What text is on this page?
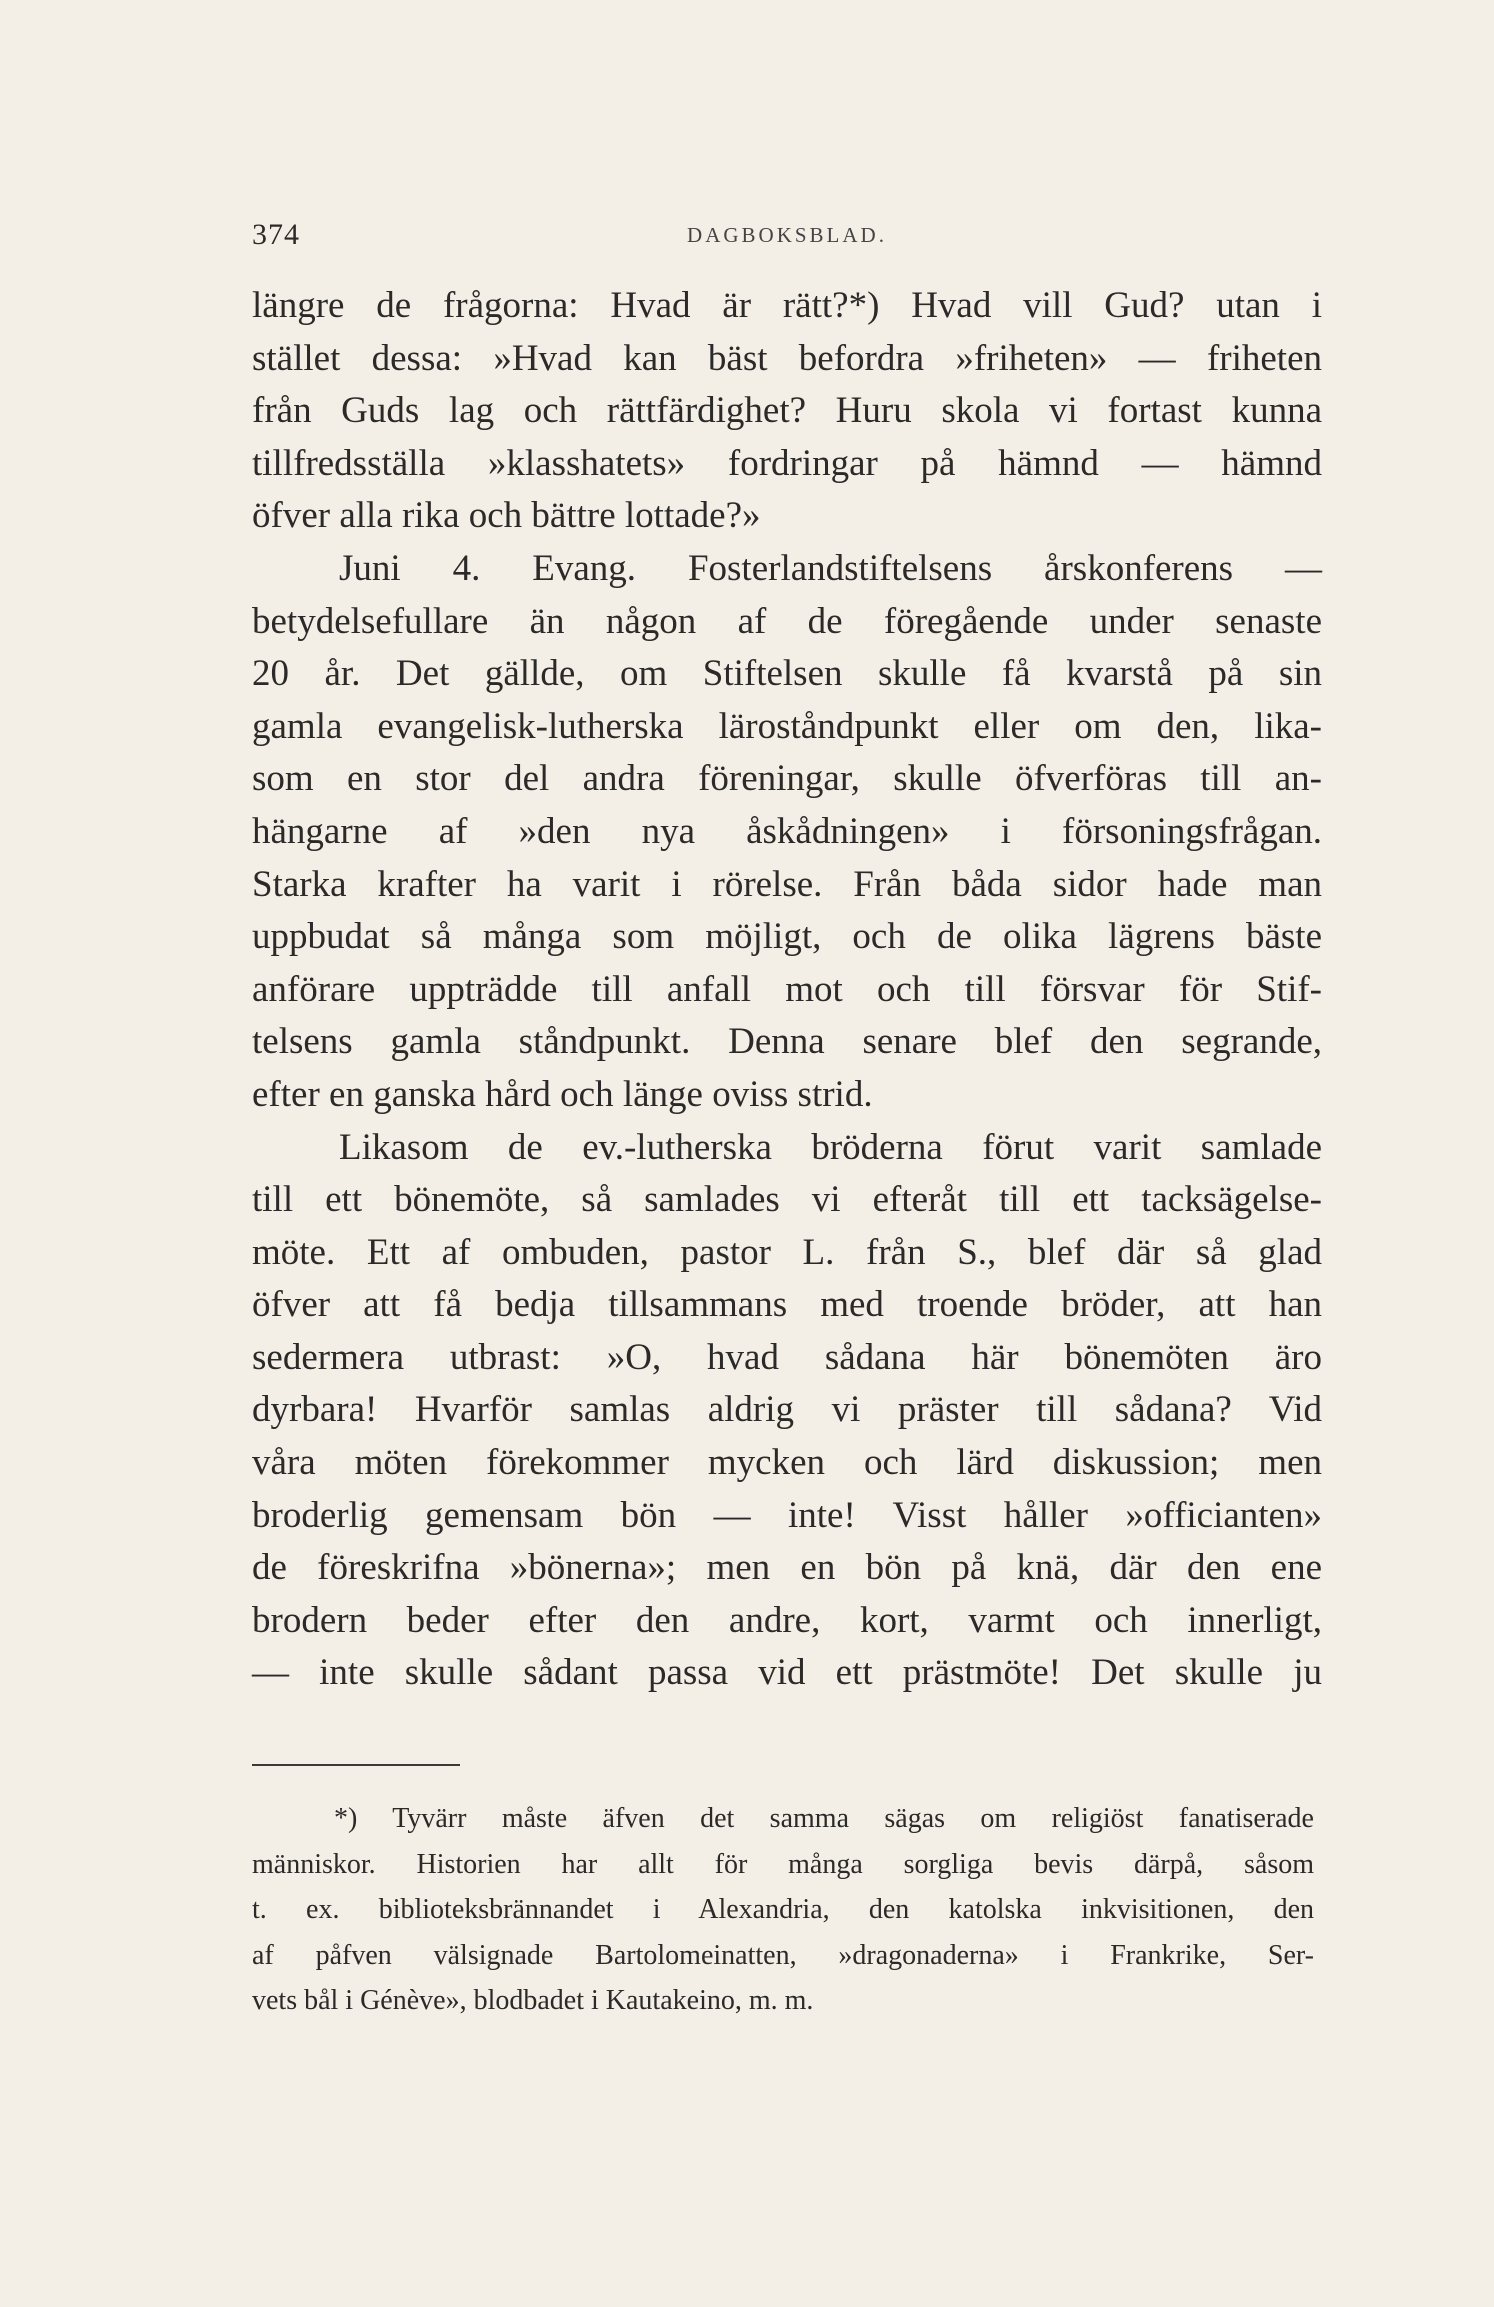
374	DAGBOKSBLAD.
längre de frågorna: Hvad är rätt?*) Hvad vill Gud? utan i
stället dessa: »Hvad kan bäst befordra »friheten» — friheten
från Guds lag och rättfärdighet? Huru skola vi fortast kunna
tillfredsställa »klasshatets» fordringar på hämnd — hämnd
öfver alla rika och bättre lottade?»
Juni 4. Evang. Fosterlandstiftelsens årskonferens —
betydelsefullare än någon af de föregående under senaste
20 år. Det gällde, om Stiftelsen skulle få kvarstå på sin
gamla evangelisk-lutherska läroståndpunkt eller om den, lika-
som en stor del andra föreningar, skulle öfverföras till an-
hängarne af »den nya åskådningen» i försoningsfrågan.
Starka krafter ha varit i rörelse. Från båda sidor hade man
uppbudat så många som möjligt, och de olika lägrens bäste
anförare uppträdde till anfall mot och till försvar för Stif-
telsens gamla ståndpunkt. Denna senare blef den segrande,
efter en ganska hård och länge oviss strid.
Likasom de ev.-lutherska bröderna förut varit samlade
till ett bönemöte, så samlades vi efteråt till ett tacksägelse-
möte. Ett af ombuden, pastor L. från S., blef där så glad
öfver att få bedja tillsammans med troende bröder, att han
sedermera utbrast: »O, hvad sådana här bönemöten äro
dyrbara! Hvarför samlas aldrig vi präster till sådana? Vid
våra möten förekommer mycken och lärd diskussion; men
broderlig gemensam bön — inte! Visst håller »officianten»
de föreskrifna »bönerna»; men en bön på knä, där den ene
brodern beder efter den andre, kort, varmt och innerligt,
— inte skulle sådant passa vid ett prästmöte! Det skulle ju
*) Tyvärr måste äfven det samma sägas om religiöst fanatiserade
människor. Historien har allt för många sorgliga bevis därpå, såsom
t. ex. biblioteksbrännandet i Alexandria, den katolska inkvisitionen, den
af påfven välsignade Bartolomeinatten, »dragonaderna» i Frankrike, Ser-
vets bål i Génève», blodbadet i Kautakeino, m. m.
